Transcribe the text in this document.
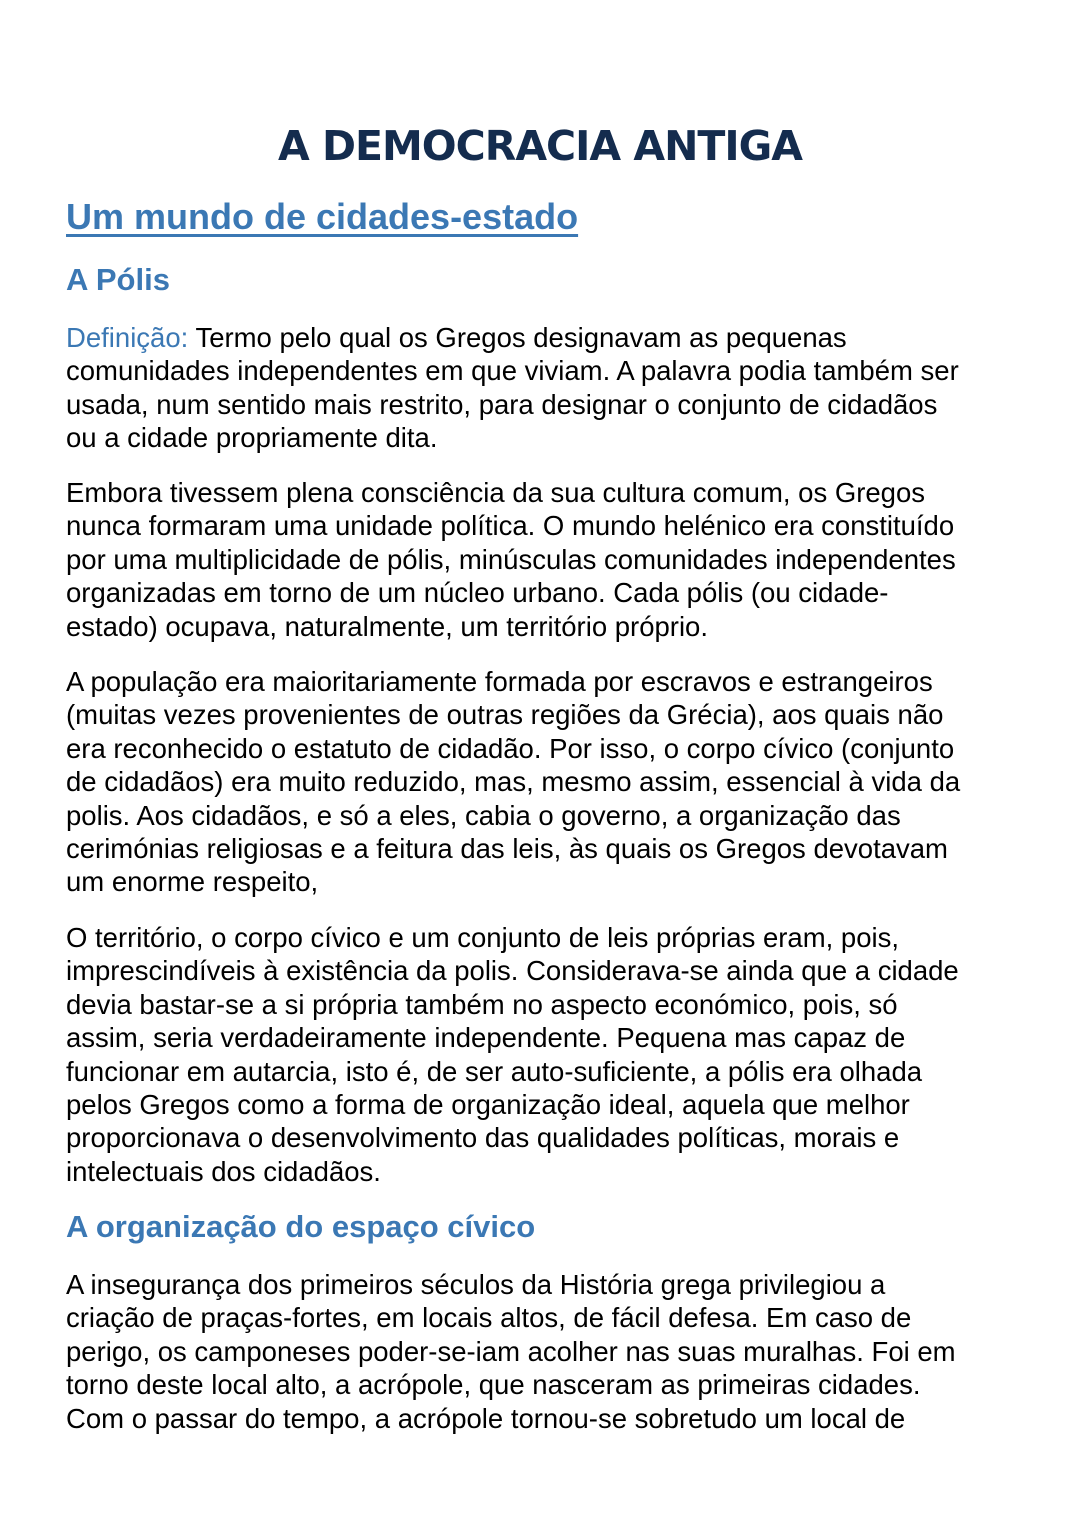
A DEMOCRACIA ANTIGA
Um mundo de cidades-estado
A Pólis
Definição: Termo pelo qual os Gregos designavam as pequenas
comunidades independentes em que viviam. A palavra podia também ser
usada, num sentido mais restrito, para designar o conjunto de cidadãos
ou a cidade propriamente dita.
Embora tivessem plena consciência da sua cultura comum, os Gregos
nunca formaram uma unidade política. O mundo helénico era constituído
por uma multiplicidade de pólis, minúsculas comunidades independentes
organizadas em torno de um núcleo urbano. Cada pólis (ou cidade-
estado) ocupava, naturalmente, um território próprio.
A população era maioritariamente formada por escravos e estrangeiros
(muitas vezes provenientes de outras regiões da Grécia), aos quais não
era reconhecido o estatuto de cidadão. Por isso, o corpo cívico (conjunto
de cidadãos) era muito reduzido, mas, mesmo assim, essencial à vida da
polis. Aos cidadãos, e só a eles, cabia o governo, a organização das
cerimónias religiosas e a feitura das leis, às quais os Gregos devotavam
um enorme respeito,
O território, o corpo cívico e um conjunto de leis próprias eram, pois,
imprescindíveis à existência da polis. Considerava-se ainda que a cidade
devia bastar-se a si própria também no aspecto económico, pois, só
assim, seria verdadeiramente independente. Pequena mas capaz de
funcionar em autarcia, isto é, de ser auto-suficiente, a pólis era olhada
pelos Gregos como a forma de organização ideal, aquela que melhor
proporcionava o desenvolvimento das qualidades políticas, morais e
intelectuais dos cidadãos.
A organização do espaço cívico
A insegurança dos primeiros séculos da História grega privilegiou a
criação de praças-fortes, em locais altos, de fácil defesa. Em caso de
perigo, os camponeses poder-se-iam acolher nas suas muralhas. Foi em
torno deste local alto, a acrópole, que nasceram as primeiras cidades.
Com o passar do tempo, a acrópole tornou-se sobretudo um local de
